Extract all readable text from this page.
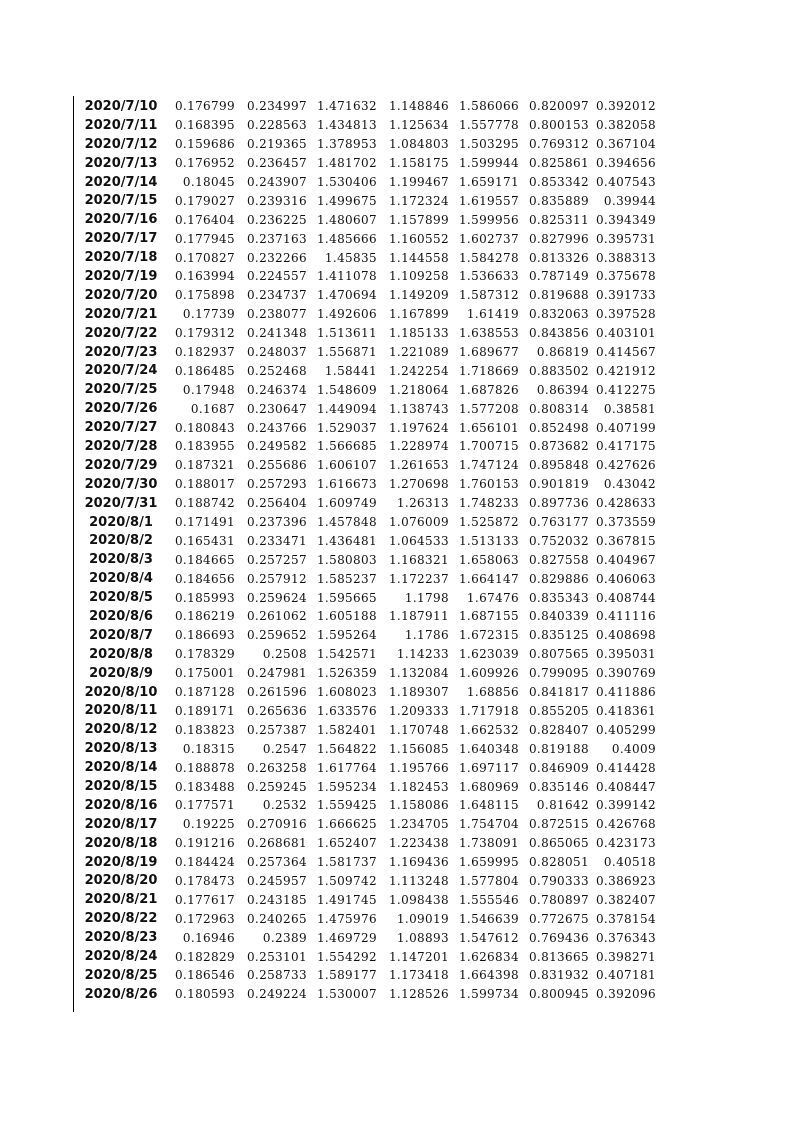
2020/7/10	0.176799	0.234997	1.471632	1.148846	1.586066	0.820097	0.392012
2020/7/11	0.168395	0.228563	1.434813	1.125634	1.557778	0.800153	0.382058
2020/7/12	0.159686	0.219365	1.378953	1.084803	1.503295	0.769312	0.367104
2020/7/13	0.176952	0.236457	1.481702	1.158175	1.599944	0.825861	0.394656
2020/7/14	0.18045	0.243907	1.530406	1.199467	1.659171	0.853342	0.407543
2020/7/15	0.179027	0.239316	1.499675	1.172324	1.619557	0.835889	0.39944
2020/7/16	0.176404	0.236225	1.480607	1.157899	1.599956	0.825311	0.394349
2020/7/17	0.177945	0.237163	1.485666	1.160552	1.602737	0.827996	0.395731
2020/7/18	0.170827	0.232266	1.45835	1.144558	1.584278	0.813326	0.388313
2020/7/19	0.163994	0.224557	1.411078	1.109258	1.536633	0.787149	0.375678
2020/7/20	0.175898	0.234737	1.470694	1.149209	1.587312	0.819688	0.391733
2020/7/21	0.17739	0.238077	1.492606	1.167899	1.61419	0.832063	0.397528
2020/7/22	0.179312	0.241348	1.513611	1.185133	1.638553	0.843856	0.403101
2020/7/23	0.182937	0.248037	1.556871	1.221089	1.689677	0.86819	0.414567
2020/7/24	0.186485	0.252468	1.58441	1.242254	1.718669	0.883502	0.421912
2020/7/25	0.17948	0.246374	1.548609	1.218064	1.687826	0.86394	0.412275
2020/7/26	0.1687	0.230647	1.449094	1.138743	1.577208	0.808314	0.38581
2020/7/27	0.180843	0.243766	1.529037	1.197624	1.656101	0.852498	0.407199
2020/7/28	0.183955	0.249582	1.566685	1.228974	1.700715	0.873682	0.417175
2020/7/29	0.187321	0.255686	1.606107	1.261653	1.747124	0.895848	0.427626
2020/7/30	0.188017	0.257293	1.616673	1.270698	1.760153	0.901819	0.43042
2020/7/31	0.188742	0.256404	1.609749	1.26313	1.748233	0.897736	0.428633
2020/8/1	0.171491	0.237396	1.457848	1.076009	1.525872	0.763177	0.373559
2020/8/2	0.165431	0.233471	1.436481	1.064533	1.513133	0.752032	0.367815
2020/8/3	0.184665	0.257257	1.580803	1.168321	1.658063	0.827558	0.404967
2020/8/4	0.184656	0.257912	1.585237	1.172237	1.664147	0.829886	0.406063
2020/8/5	0.185993	0.259624	1.595665	1.1798	1.67476	0.835343	0.408744
2020/8/6	0.186219	0.261062	1.605188	1.187911	1.687155	0.840339	0.411116
2020/8/7	0.186693	0.259652	1.595264	1.1786	1.672315	0.835125	0.408698
2020/8/8	0.178329	0.2508	1.542571	1.14233	1.623039	0.807565	0.395031
2020/8/9	0.175001	0.247981	1.526359	1.132084	1.609926	0.799095	0.390769
2020/8/10	0.187128	0.261596	1.608023	1.189307	1.68856	0.841817	0.411886
2020/8/11	0.189171	0.265636	1.633576	1.209333	1.717918	0.855205	0.418361
2020/8/12	0.183823	0.257387	1.582401	1.170748	1.662532	0.828407	0.405299
2020/8/13	0.18315	0.2547	1.564822	1.156085	1.640348	0.819188	0.4009
2020/8/14	0.188878	0.263258	1.617764	1.195766	1.697117	0.846909	0.414428
2020/8/15	0.183488	0.259245	1.595234	1.182453	1.680969	0.835146	0.408447
2020/8/16	0.177571	0.2532	1.559425	1.158086	1.648115	0.81642	0.399142
2020/8/17	0.19225	0.270916	1.666625	1.234705	1.754704	0.872515	0.426768
2020/8/18	0.191216	0.268681	1.652407	1.223438	1.738091	0.865065	0.423173
2020/8/19	0.184424	0.257364	1.581737	1.169436	1.659995	0.828051	0.40518
2020/8/20	0.178473	0.245957	1.509742	1.113248	1.577804	0.790333	0.386923
2020/8/21	0.177617	0.243185	1.491745	1.098438	1.555546	0.780897	0.382407
2020/8/22	0.172963	0.240265	1.475976	1.09019	1.546639	0.772675	0.378154
2020/8/23	0.16946	0.2389	1.469729	1.08893	1.547612	0.769436	0.376343
2020/8/24	0.182829	0.253101	1.554292	1.147201	1.626834	0.813665	0.398271
2020/8/25	0.186546	0.258733	1.589177	1.173418	1.664398	0.831932	0.407181
2020/8/26	0.180593	0.249224	1.530007	1.128526	1.599734	0.800945	0.392096
